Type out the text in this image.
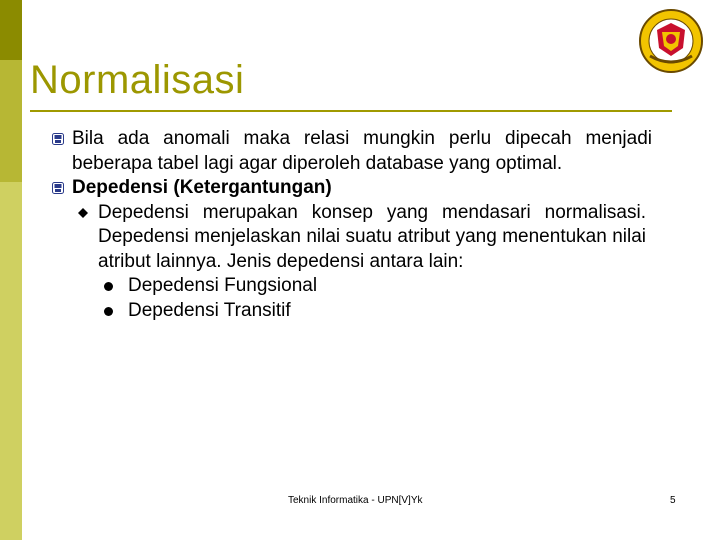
Normalisasi
Bila ada anomali maka relasi mungkin perlu dipecah menjadi beberapa tabel lagi agar diperoleh database yang optimal.
Depedensi (Ketergantungan)
Depedensi merupakan konsep yang mendasari normalisasi. Depedensi menjelaskan nilai suatu atribut yang menentukan nilai atribut lainnya. Jenis depedensi antara lain:
Depedensi Fungsional
Depedensi Transitif
Teknik Informatika - UPN[V]Yk	5
